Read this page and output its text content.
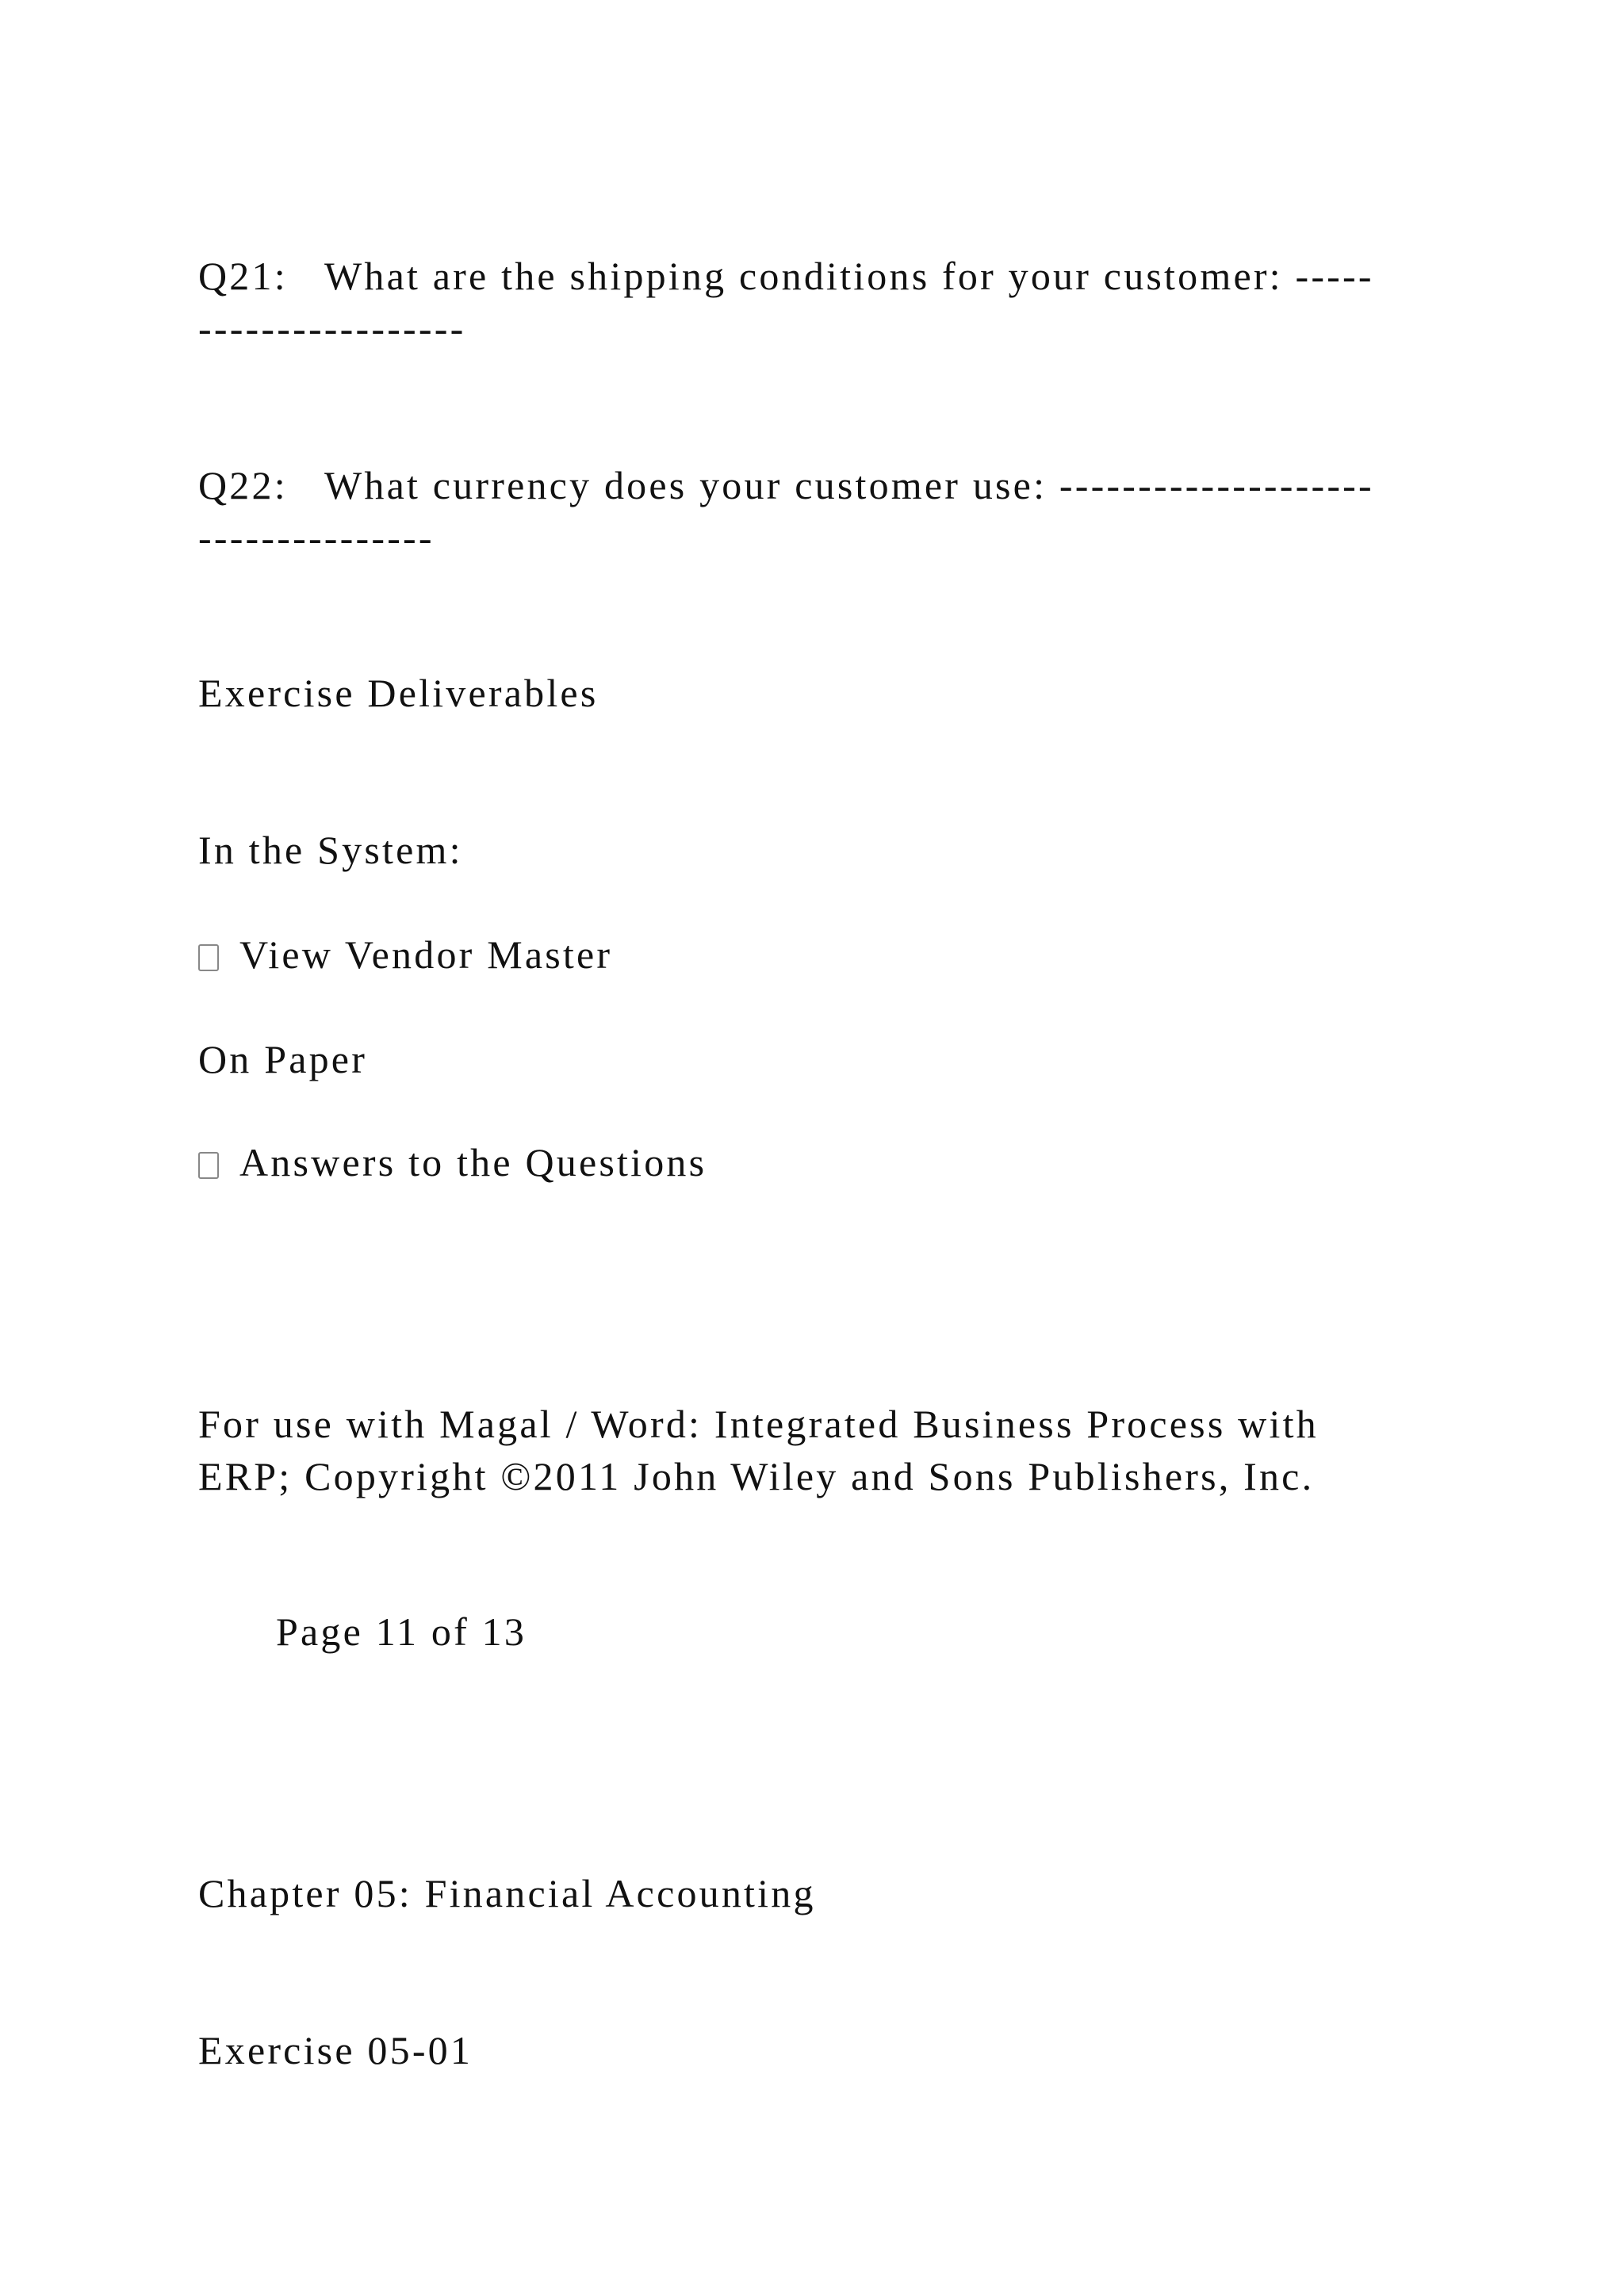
Q21:   What are the shipping conditions for your customer: -----
-----------------
Q22:   What currency does your customer use: --------------------
---------------
Exercise Deliverables
In the System:
View Vendor Master
On Paper
Answers to the Questions
For use with Magal / Word: Integrated Business Process with
ERP; Copyright ©2011 John Wiley and Sons Publishers, Inc.
Page 11 of 13
Chapter 05: Financial Accounting
Exercise 05-01
